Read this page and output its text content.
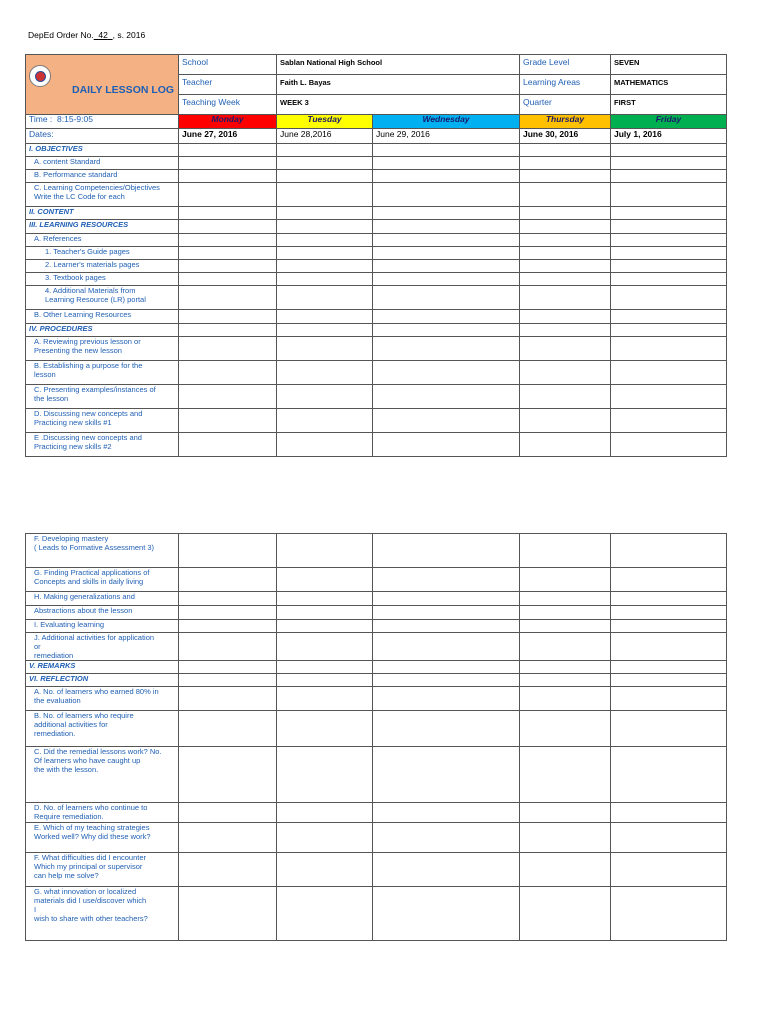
DepEd Order No. 42 , s. 2016
DAILY LESSON LOG	School	Sablan National High School		Grade Level	SEVEN
	Teacher	Faith L. Bayas		Learning Areas	MATHEMATICS
	Teaching Week	WEEK 3		Quarter	FIRST
Time : 8:15-9:05	Monday	Tuesday	Wednesday	Thursday	Friday
Dates:	June 27, 2016	June 28,2016	June 29, 2016	June 30, 2016	July 1, 2016

I. OBJECTIVES					

A. content Standard					

B. Performance standard					

C. Learning Competencies/Objectives
Write the LC Code for each					

II. CONTENT					

III. LEARNING RESOURCES					

A. References					

1. Teacher's Guide pages					

2. Learner's materials pages					

3. Textbook pages					

4. Additional Materials from
Learning Resource (LR) portal					

B. Other Learning Resources					

IV. PROCEDURES					

A. Reviewing previous lesson or
Presenting the new lesson					

B. Establishing a purpose for the
lesson					

C. Presenting examples/instances of
the lesson					

D. Discussing new concepts and
Practicing new skills #1					

E .Discussing new concepts and
Practicing new skills #2					

F. Developing mastery
( Leads to Formative Assessment 3)					

G. Finding Practical applications of
Concepts and skills in daily living					

H. Making generalizations and					

Abstractions about the lesson					

I. Evaluating learning					

J. Additional activities for application
or
remediation					

V. REMARKS					

VI. REFLECTION					

A. No. of learners who earned 80% in
the evaluation					

B. No. of learners who require
additional activities for
remediation.					

C. Did the remedial lessons work? No.
Of learners who have caught up
the with the lesson.					

D. No. of learners who continue to
Require remediation.					

E. Which of my teaching strategies
Worked well? Why did these work?					

F. What difficulties did I encounter
Which my principal or supervisor
can help me solve?					

G. what innovation or localized
materials did I use/discover which
I
wish to share with other teachers?					
